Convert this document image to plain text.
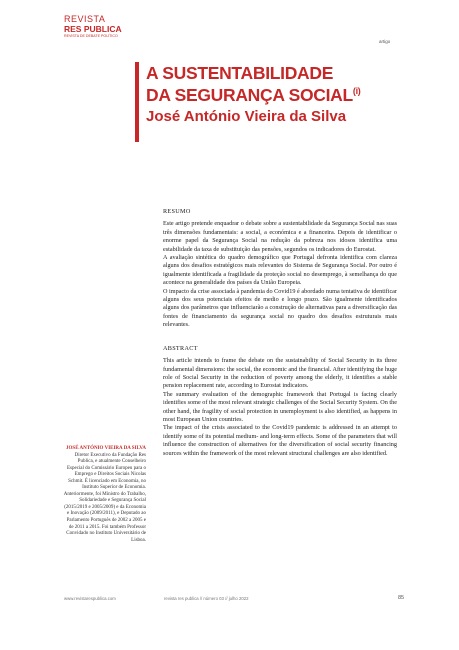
REVISTA
RES PUBLICA
REVISTA DE DEBATE POLÍTICO
artigo
A SUSTENTABILIDADE
DA SEGURANÇA SOCIAL$^{(i)}$
José António Vieira da Silva
RESUMO

Este artigo pretende enquadrar o debate sobre a sustentabilidade da Segurança Social nas suas três dimensões fundamentais: a social, a económica e a financeira. Depois de identificar o enorme papel da Segurança Social na redução da pobreza nos idosos identifica uma estabilidade da taxa de substituição das pensões, segundos os indicadores do Eurostat.

A avaliação sintética do quadro demográfico que Portugal defronta identifica com clareza alguns dos desafios estratégicos mais relevantes do Sistema de Segurança Social. Por outro é igualmente identificada a fragilidade da proteção social no desemprego, à semelhança do que acontece na generalidade dos países da União Europeia.

O impacto da crise associada à pandemia do Covid19 é abordado numa tentativa de identificar alguns dos seus potenciais efeitos de medio e longo prazo. São igualmente identificados alguns dos parâmetros que influenciarão a construção de alternativas para a diversificação das fontes de financiamento da segurança social no quadro dos desafios estruturais mais relevantes.

ABSTRACT

This article intends to frame the debate on the sustainability of Social Security in its three fundamental dimensions: the social, the economic and the financial. After identifying the huge role of Social Security in the reduction of poverty among the elderly, it identifies a stable pension replacement rate, according to Eurostat indicators.

The summary evaluation of the demographic framework that Portugal is facing clearly identifies some of the most relevant strategic challenges of the Social Security System. On the other hand, the fragility of social protection in unemployment is also identified, as happens in most European Union countries.

The impact of the crisis associated to the Covid19 pandemic is addressed in an attempt to identify some of its potential medium- and long-term effects. Some of the parameters that will influence the construction of alternatives for the diversification of social security financing sources within the framework of the most relevant structural challenges are also identified.

JOSÉ ANTÓNIO VIEIRA DA SILVA
Diretor Executivo da Fundação Res Publica, e atualmente Conselheiro Especial do Comissário Europeu para o Emprego e Direitos Sociais Nicolas Schmit. É licenciado em Economia, no Instituto Superior de Economia. Anteriormente, foi Ministro do Trabalho, Solidariedade e Segurança Social (2015/2019 e 2005/2009) e da Economia e Inovação (2009/2011), e Deputado ao Parlamento Português de 2002 a 2005 e de 2011 a 2015. Foi também Professor Convidado no Instituto Universitário de Lisboa.
www.revistarespublica.com	revista res publica // número 03 // julho 2022	85
